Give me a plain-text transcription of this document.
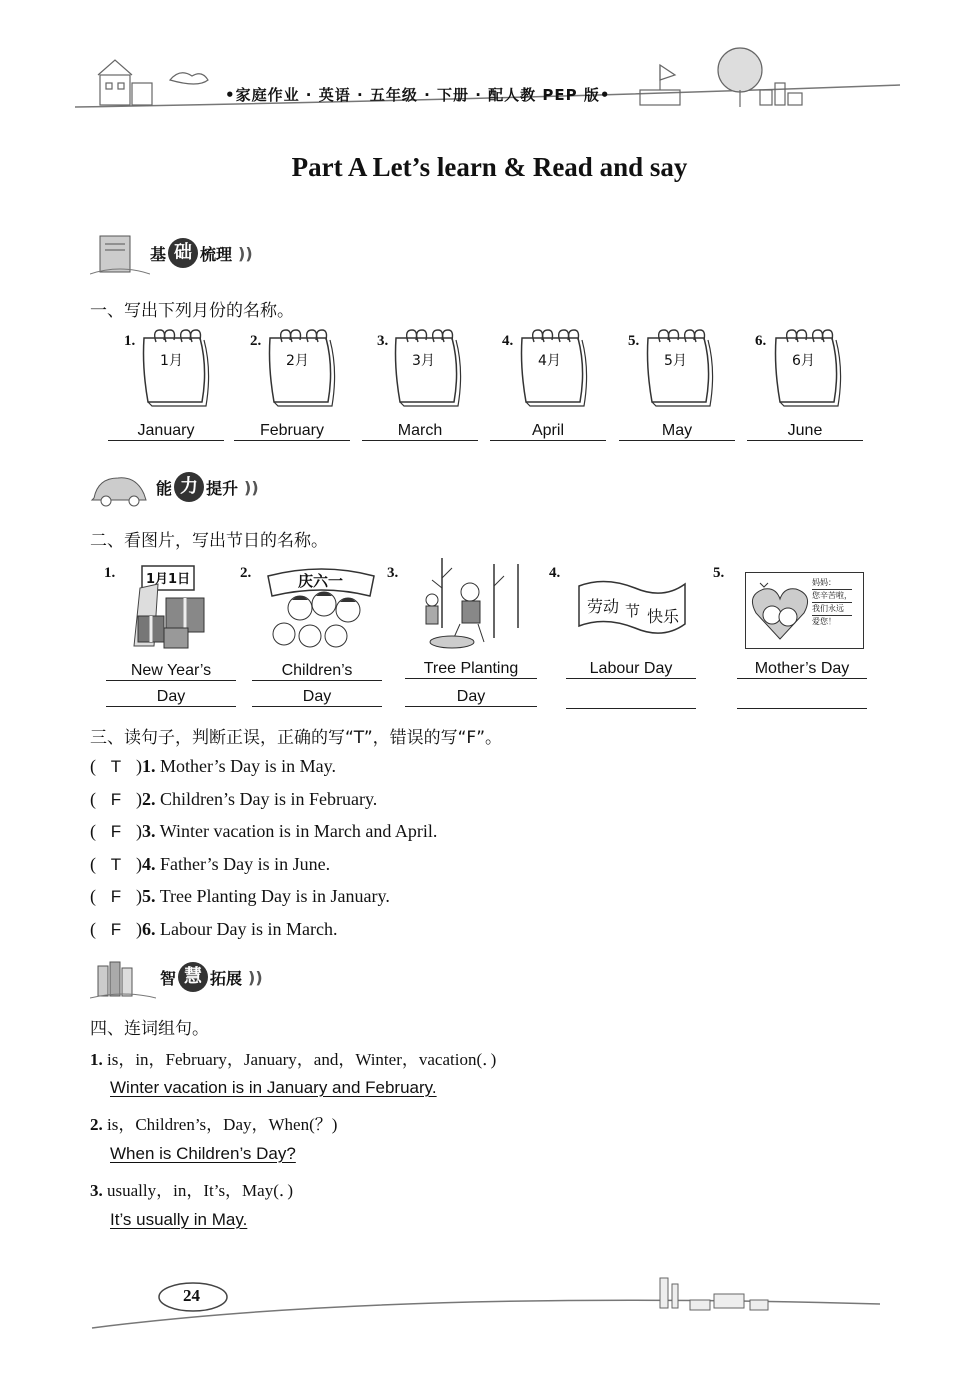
•家庭作业 · 英语 · 五年级 · 下册 · 配人教 PEP 版•
Part A Let’s learn & Read and say
基 础 梳理 ))
一、写出下列月份的名称。
1.
1月
January
2.
2月
February
3.
3月
March
4.
4月
April
5.
5月
May
6.
6月
June
能 力 提升 ))
二、看图片，写出节日的名称。
1.	2.	3.	4.	5.
1月1日	庆六一
劳动 节 快乐
妈妈：
您辛苦啦，
我们永远
爱您！
New Year’s
Day
Children’s
Day
Tree Planting
Day
Labour Day	Mother’s Day
三、读句子，判断正误，正确的写“T”，错误的写“F”。
( T )1. Mother’s Day is in May.
( F )2. Children’s Day is in February.
( F )3. Winter vacation is in March and April.
( T )4. Father’s Day is in June.
( F )5. Tree Planting Day is in January.
( F )6. Labour Day is in March.
智 慧 拓展 ))
四、连词组句。
1. is，in，February，January，and，Winter，vacation(．)
Winter vacation is in January and February.
2. is，Children’s，Day，When(？)
When is Children’s Day?
3. usually，in，It’s，May(．)
It’s usually in May.
24
